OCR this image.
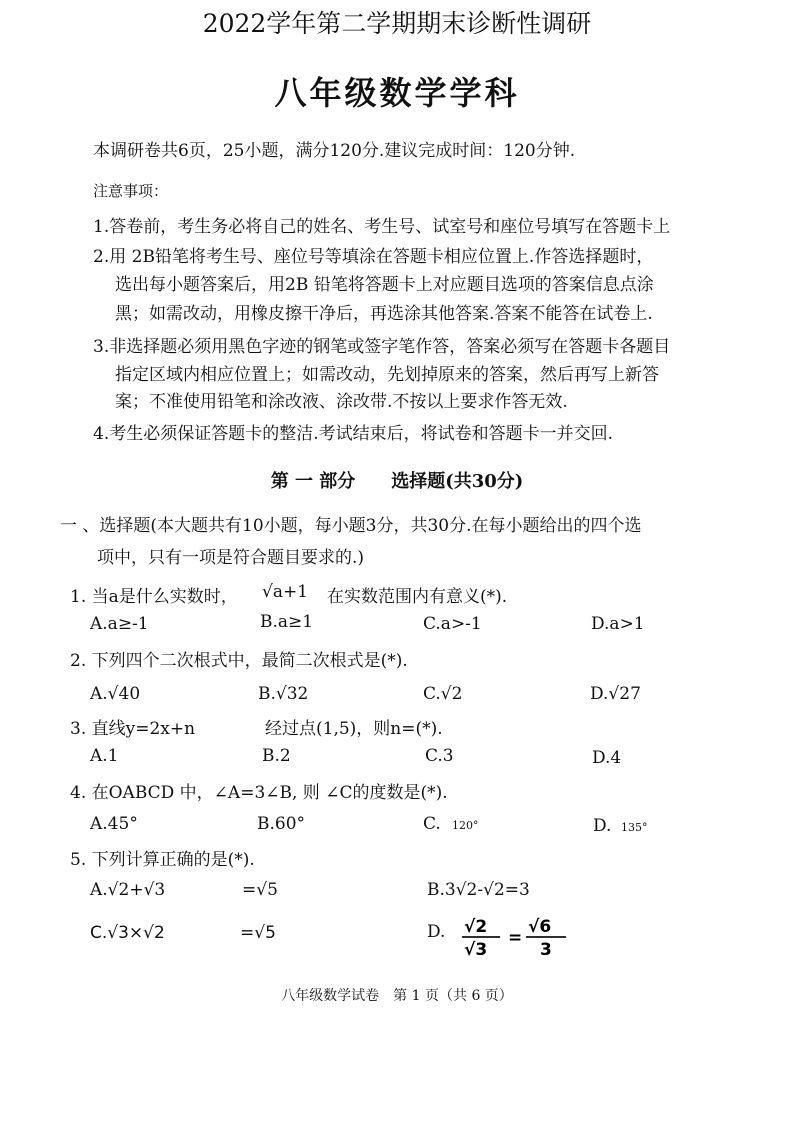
2022学年第二学期期末诊断性调研
八年级数学学科
本调研卷共6页，25小题，满分120分.建议完成时间：120分钟.
注意事项：
1.答卷前，考生务必将自己的姓名、考生号、试室号和座位号填写在答题卡上
2.用 2B铅笔将考生号、座位号等填涂在答题卡相应位置上.作答选择题时，
选出每小题答案后，用2B 铅笔将答题卡上对应题目选项的答案信息点涂
黑；如需改动，用橡皮擦干净后，再选涂其他答案.答案不能答在试卷上.
3.非选择题必须用黑色字迹的钢笔或签字笔作答，答案必须写在答题卡各题目
指定区域内相应位置上；如需改动，先划掉原来的答案，然后再写上新答
案；不准使用铅笔和涂改液、涂改带.不按以上要求作答无效.
4.考生必须保证答题卡的整洁.考试结束后，将试卷和答题卡一并交回.
第 一 部分　　选择题(共30分)
一 、选择题(本大题共有10小题，每小题3分，共30分.在每小题给出的四个选
项中，只有一项是符合题目要求的.)
1. 当a是什么实数时， √a+1 在实数范围内有意义(*).
A.a≥-1	B.a≥1	C.a>-1	D.a>1
2. 下列四个二次根式中，最简二次根式是(*).
A.√40	B.√32	C.√2	D.√27
3. 直线y=2x+n	经过点(1,5)，则n=(*).
A.1	B.2	C.3	D.4
4. 在OABCD 中，∠A=3∠B, 则 ∠C的度数是(*).
A.45°	B.60°	C. 120°	D. 135°
5. 下列计算正确的是(*).
A.√2+√3	=√5	B.3√2-√2=3
C.√3×√2	=√5	D. √2
√3
=
√6
3
八年级数学试卷　第 1 页（共 6 页）
